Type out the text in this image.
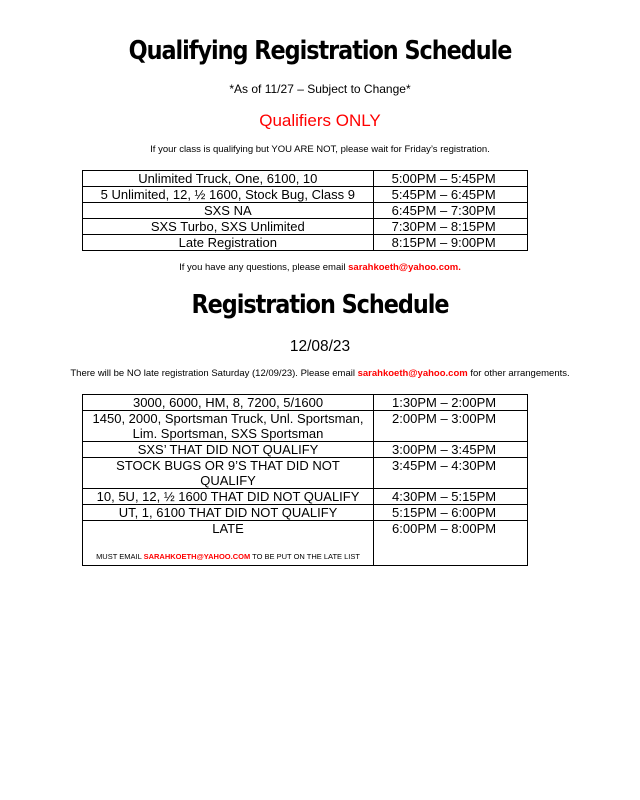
Qualifying Registration Schedule
*As of 11/27 – Subject to Change*
Qualifiers ONLY
If your class is qualifying but YOU ARE NOT, please wait for Friday’s registration.
Unlimited Truck, One, 6100, 10	5:00PM – 5:45PM
5 Unlimited, 12, ½ 1600, Stock Bug, Class 9	5:45PM – 6:45PM
SXS NA	6:45PM – 7:30PM
SXS Turbo, SXS Unlimited	7:30PM – 8:15PM
Late Registration	8:15PM – 9:00PM
If you have any questions, please email sarahkoeth@yahoo.com.
Registration Schedule
12/08/23
There will be NO late registration Saturday (12/09/23). Please email sarahkoeth@yahoo.com for other arrangements.
3000, 6000, HM, 8, 7200, 5/1600	1:30PM – 2:00PM
1450, 2000, Sportsman Truck, Unl. Sportsman, Lim. Sportsman, SXS Sportsman	2:00PM – 3:00PM
SXS’ THAT DID NOT QUALIFY	3:00PM – 3:45PM
STOCK BUGS OR 9’S THAT DID NOT QUALIFY	3:45PM – 4:30PM
10, 5U, 12, ½ 1600 THAT DID NOT QUALIFY	4:30PM – 5:15PM
UT, 1, 6100 THAT DID NOT QUALIFY	5:15PM – 6:00PM

LATE
MUST EMAIL SARAHKOETH@YAHOO.COM TO BE PUT ON THE LATE LIST	6:00PM – 8:00PM
